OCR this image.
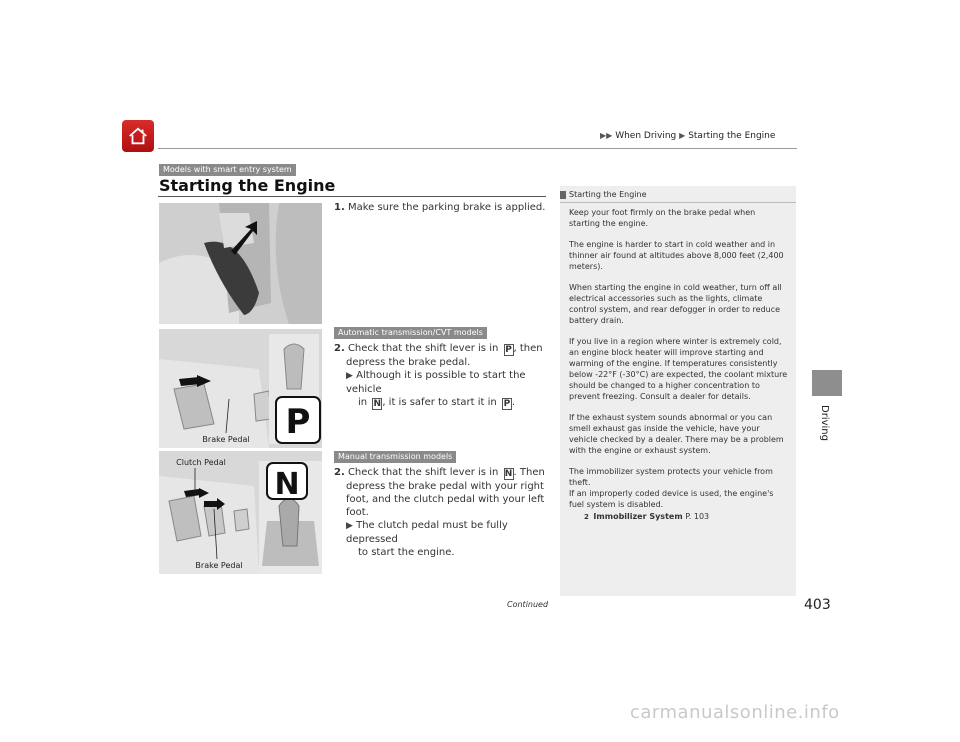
▶▶ When Driving ▶ Starting the Engine
Driving
Models with smart entry system
Starting the Engine
P
Brake Pedal
N
Clutch Pedal
Brake Pedal
1. Make sure the parking brake is applied.
Automatic transmission/CVT models
2. Check that the shift lever is in P , then
depress the brake pedal.
▶ Although it is possible to start the vehicle
in N, it is safer to start it in P .
Manual transmission models
2. Check that the shift lever is in N. Then
depress the brake pedal with your right
foot, and the clutch pedal with your left
foot.
▶ The clutch pedal must be fully depressed
to start the engine.
Starting the Engine

Keep your foot firmly on the brake pedal when starting the engine.

The engine is harder to start in cold weather and in thinner air found at altitudes above 8,000 feet (2,400 meters).

When starting the engine in cold weather, turn off all electrical accessories such as the lights, climate control system, and rear defogger in order to reduce battery drain.

If you live in a region where winter is extremely cold, an engine block heater will improve starting and warming of the engine. If temperatures consistently below -22°F (-30°C) are expected, the coolant mixture should be changed to a higher concentration to prevent freezing. Consult a dealer for details.

If the exhaust system sounds abnormal or you can smell exhaust gas inside the vehicle, have your vehicle checked by a dealer. There may be a problem with the engine or exhaust system.

The immobilizer system protects your vehicle from theft.

If an improperly coded device is used, the engine's fuel system is disabled.

2 Immobilizer System P. 103
Continued	403
carmanualsonline.info
